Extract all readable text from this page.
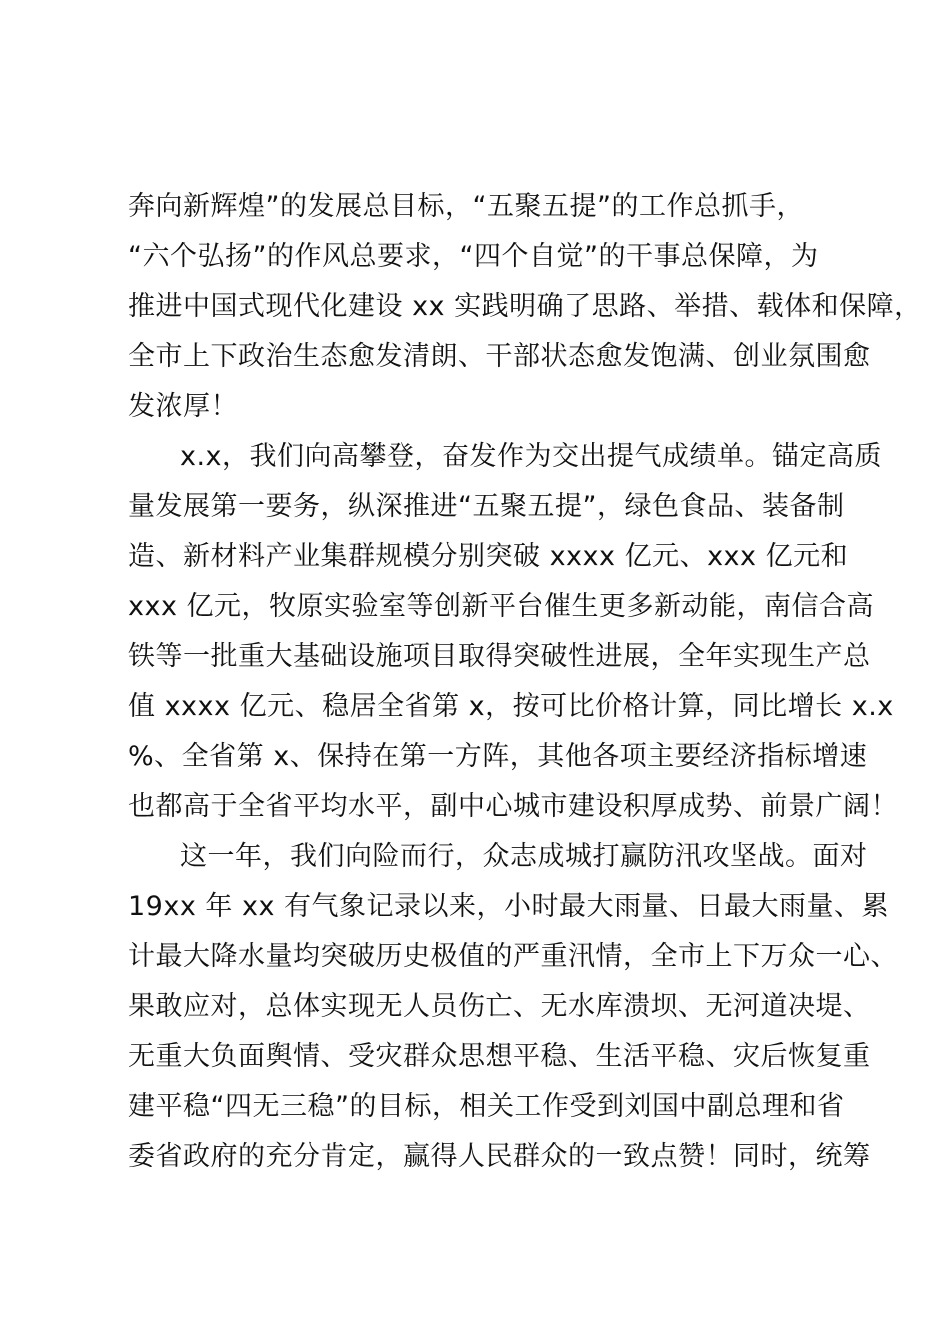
奔向新辉煌”的发展总目标，“五聚五提”的工作总抓手，
“六个弘扬”的作风总要求，“四个自觉”的干事总保障，为
推进中国式现代化建设 xx 实践明确了思路、举措、载体和保障，
全市上下政治生态愈发清朗、干部状态愈发饱满、创业氛围愈
发浓厚！
x.x，我们向高攀登，奋发作为交出提气成绩单。锚定高质
量发展第一要务，纵深推进“五聚五提”，绿色食品、装备制
造、新材料产业集群规模分别突破 xxxx 亿元、xxx 亿元和
xxx 亿元，牧原实验室等创新平台催生更多新动能，南信合高
铁等一批重大基础设施项目取得突破性进展，全年实现生产总
值 xxxx 亿元、稳居全省第 x，按可比价格计算，同比增长 x.x
%、全省第 x、保持在第一方阵，其他各项主要经济指标增速
也都高于全省平均水平，副中心城市建设积厚成势、前景广阔！
这一年，我们向险而行，众志成城打赢防汛攻坚战。面对
19xx 年 xx 有气象记录以来，小时最大雨量、日最大雨量、累
计最大降水量均突破历史极值的严重汛情，全市上下万众一心、
果敢应对，总体实现无人员伤亡、无水库溃坝、无河道决堤、
无重大负面舆情、受灾群众思想平稳、生活平稳、灾后恢复重
建平稳“四无三稳”的目标，相关工作受到刘国中副总理和省
委省政府的充分肯定，赢得人民群众的一致点赞！同时，统筹
